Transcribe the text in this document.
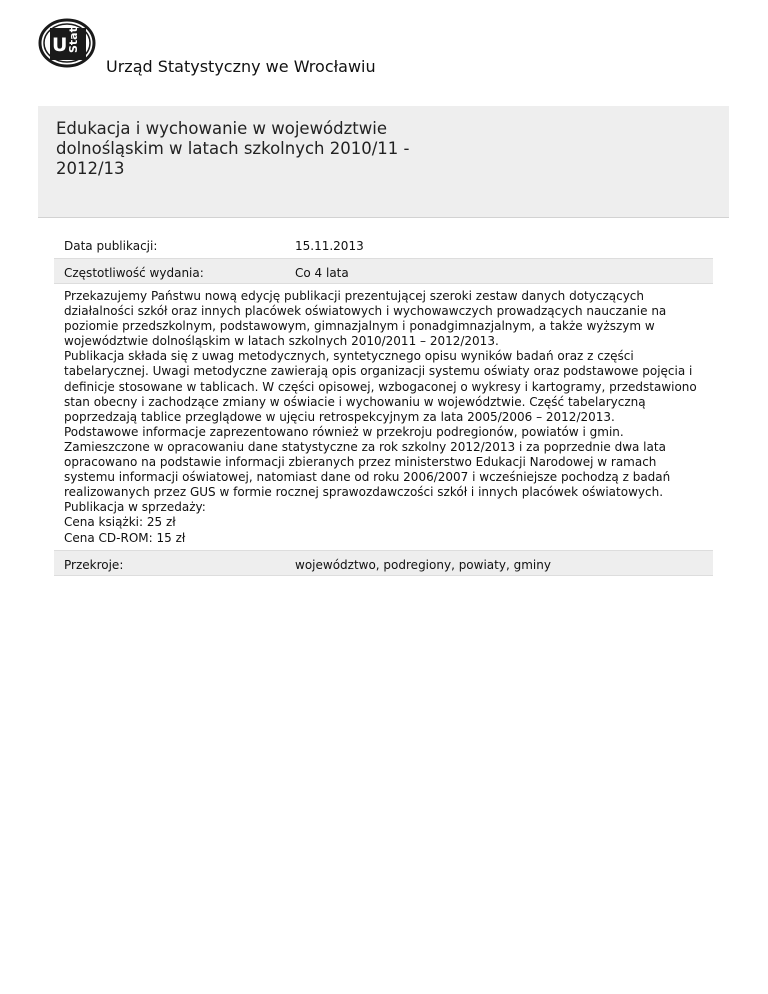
U Stat
Urząd Statystyczny we Wrocławiu
Edukacja i wychowanie w województwie dolnośląskim w latach szkolnych 2010/11 - 2012/13
Data publikacji:	15.11.2013
Częstotliwość wydania:	Co 4 lata

Przekazujemy Państwu nową edycję publikacji prezentującej szeroki zestaw danych dotyczących działalności szkół oraz innych placówek oświatowych i wychowawczych prowadzących nauczanie na poziomie przedszkolnym, podstawowym, gimnazjalnym i ponadgimnazjalnym, a także wyższym w województwie dolnośląskim w latach szkolnych 2010/2011 – 2012/2013.

Publikacja składa się z uwag metodycznych, syntetycznego opisu wyników badań oraz z części tabelarycznej. Uwagi metodyczne zawierają opis organizacji systemu oświaty oraz podstawowe pojęcia i definicje stosowane w tablicach. W części opisowej, wzbogaconej o wykresy i kartogramy, przedstawiono stan obecny i zachodzące zmiany w oświacie i wychowaniu w województwie. Część tabelaryczną poprzedzają tablice przeglądowe w ujęciu retrospekcyjnym za lata 2005/2006 – 2012/2013.

Podstawowe informacje zaprezentowano również w przekroju podregionów, powiatów i gmin.

Zamieszczone w opracowaniu dane statystyczne za rok szkolny 2012/2013 i za poprzednie dwa lata opracowano na podstawie informacji zbieranych przez ministerstwo Edukacji Narodowej w ramach systemu informacji oświatowej, natomiast dane od roku 2006/2007 i wcześniejsze pochodzą z badań realizowanych przez GUS w formie rocznej sprawozdawczości szkół i innych placówek oświatowych.

Publikacja w sprzedaży:

Cena książki: 25 zł

Cena CD-ROM: 15 zł

Przekroje:	województwo, podregiony, powiaty, gminy
